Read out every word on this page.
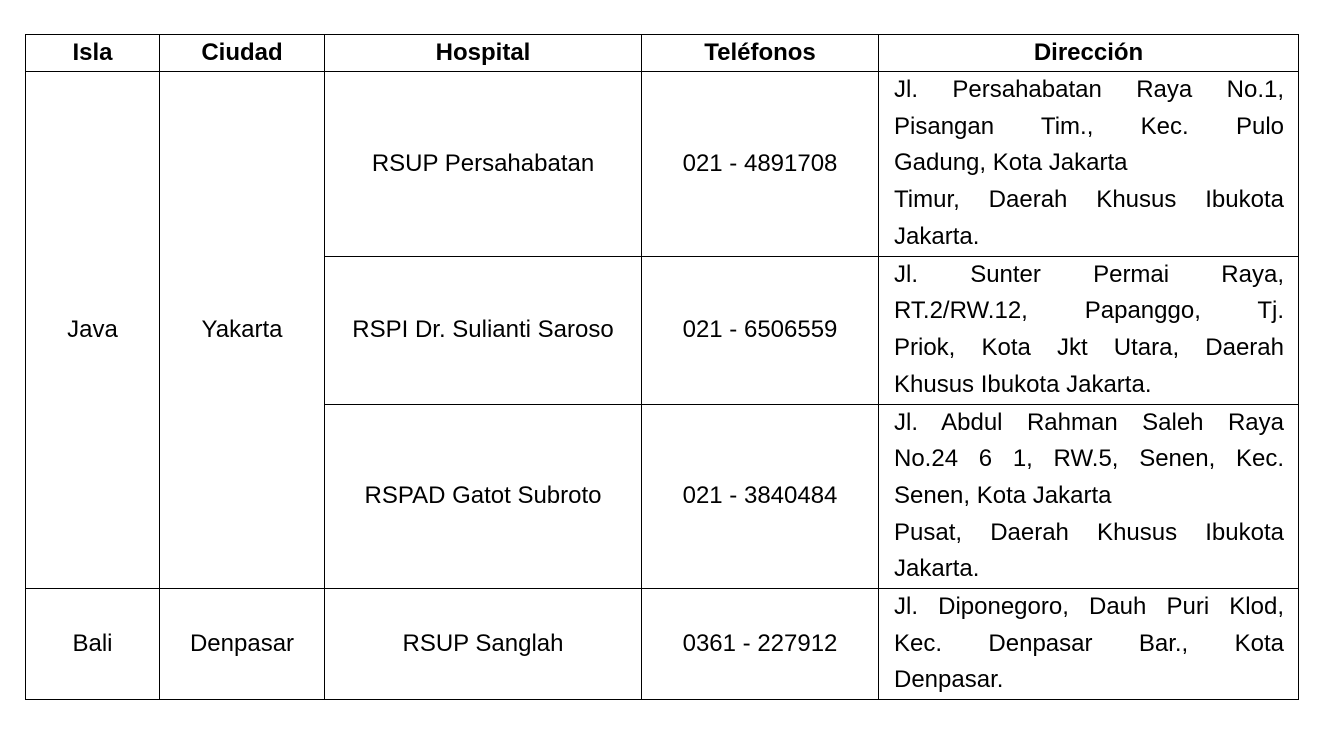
Isla	Ciudad	Hospital	Teléfonos	Dirección
Java	Yakarta	RSUP Persahabatan	021 - 4891708	Jl. Persahabatan Raya No.1,
Pisangan Tim., Kec. Pulo
Gadung, Kota Jakarta
Timur, Daerah Khusus Ibukota
Jakarta.

		RSPI Dr. Sulianti Saroso	021 - 6506559	Jl. Sunter Permai Raya,
RT.2/RW.12, Papanggo, Tj.
Priok, Kota Jkt Utara, Daerah
Khusus Ibukota Jakarta.

		RSPAD Gatot Subroto	021 - 3840484	Jl. Abdul Rahman Saleh Raya
No.24 6 1, RW.5, Senen, Kec.
Senen, Kota Jakarta
Pusat, Daerah Khusus Ibukota
Jakarta.

Bali	Denpasar	RSUP Sanglah	0361 - 227912	Jl. Diponegoro, Dauh Puri Klod,
Kec. Denpasar Bar., Kota
Denpasar.
